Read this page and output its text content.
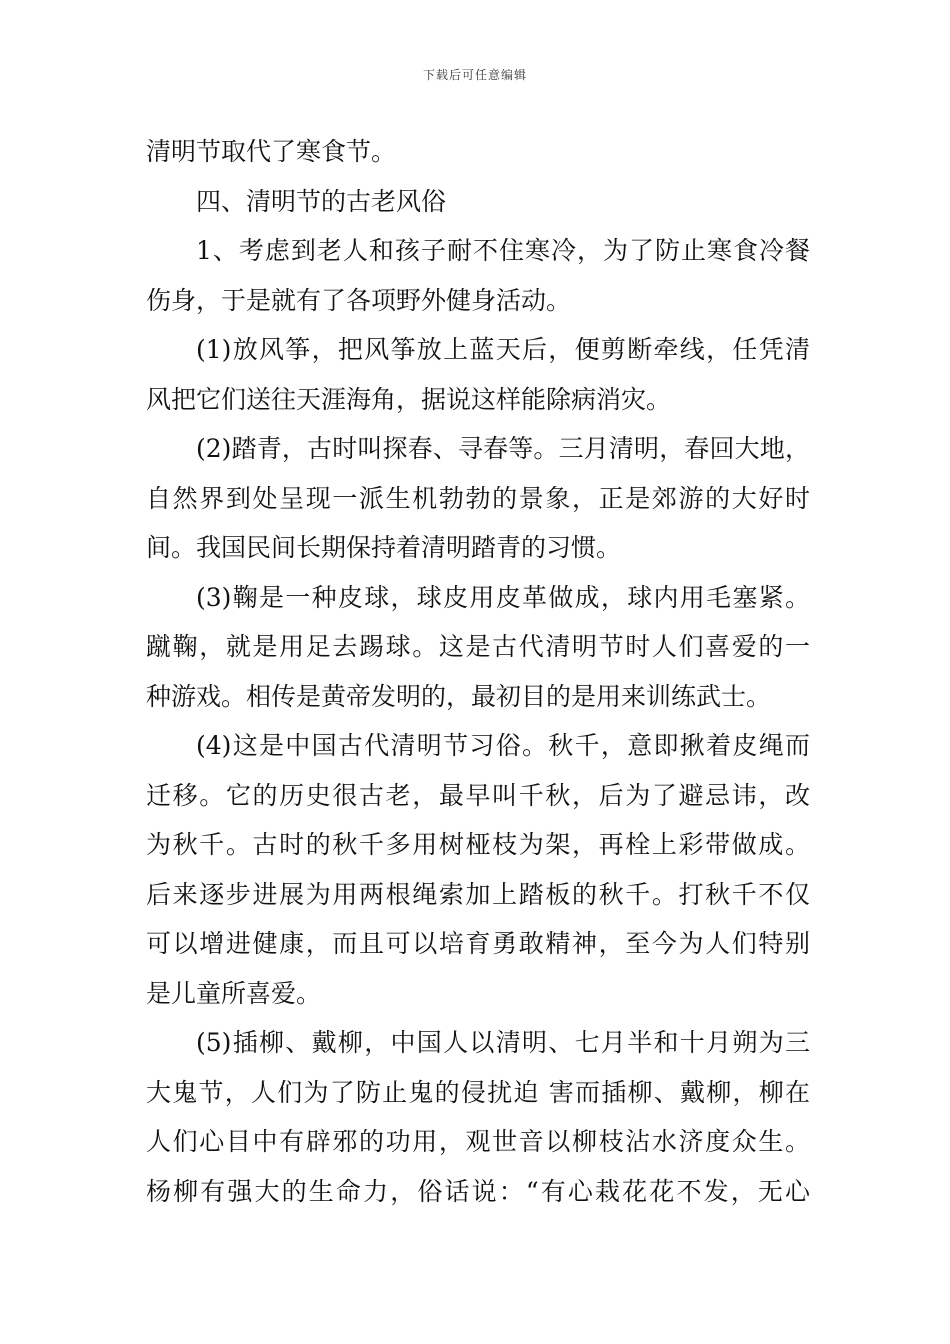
下载后可任意编辑
清明节取代了寒食节。
四、清明节的古老风俗
1、考虑到老人和孩子耐不住寒冷，为了防止寒食冷餐
伤身，于是就有了各项野外健身活动。
(1)放风筝，把风筝放上蓝天后，便剪断牵线，任凭清
风把它们送往天涯海角，据说这样能除病消灾。
(2)踏青，古时叫探春、寻春等。三月清明，春回大地，
自然界到处呈现一派生机勃勃的景象，正是郊游的大好时
间。我国民间长期保持着清明踏青的习惯。
(3)鞠是一种皮球，球皮用皮革做成，球内用毛塞紧。
蹴鞠，就是用足去踢球。这是古代清明节时人们喜爱的一
种游戏。相传是黄帝发明的，最初目的是用来训练武士。
(4)这是中国古代清明节习俗。秋千，意即揪着皮绳而
迁移。它的历史很古老，最早叫千秋，后为了避忌讳，改
为秋千。古时的秋千多用树桠枝为架，再栓上彩带做成。
后来逐步进展为用两根绳索加上踏板的秋千。打秋千不仅
可以增进健康，而且可以培育勇敢精神，至今为人们特别
是儿童所喜爱。
(5)插柳、戴柳，中国人以清明、七月半和十月朔为三
大鬼节，人们为了防止鬼的侵扰迫 害而插柳、戴柳，柳在
人们心目中有辟邪的功用，观世音以柳枝沾水济度众生。
杨柳有强大的生命力，俗话说：“有心栽花花不发，无心
